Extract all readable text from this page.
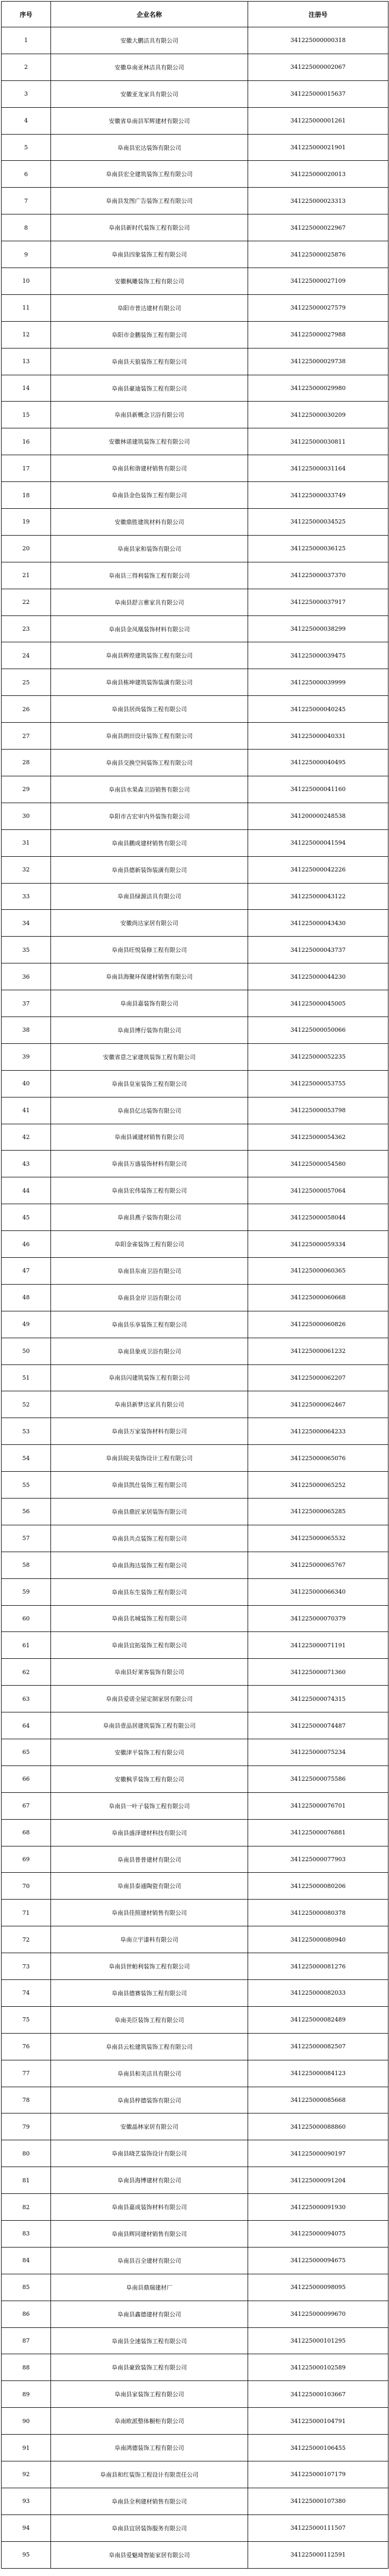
序号	企业名称	注册号
1	安徽大鹏洁具有限公司	341225000000318
2	安徽阜南亚林洁具有限公司	341225000002067
3	安徽亚龙家具有限公司	341225000015637
4	安徽省阜南县军辉建材有限公司	341225000001261
5	阜南县宏达装饰有限公司	341225000021901
6	阜南县宏全建筑装饰工程有限公司	341225000020013
7	阜南县发图广告装饰工程有限公司	341225000023313
8	阜南县新时代装饰工程有限公司	341225000022967
9	阜南县四象装饰工程有限公司	341225000025876
10	安徽枫雕装饰工程有限公司	341225000027109
11	阜阳市普达建材有限公司	341225000027579
12	阜阳市金鹏装饰工程有限公司	341225000027988
13	阜南县天狼装饰工程有限公司	341225000029738
14	阜南县豪迪装饰工程有限公司	341225000029980
15	阜南县新概念卫浴有限公司	341225000030209
16	安徽林诺建筑装饰工程有限公司	341225000030811
17	阜南县和谐建材销售有限公司	341225000031164
18	阜南县金色装饰工程有限公司	341225000033749
19	安徽鼎胜建筑材料有限公司	341225000034525
20	阜南县家和装饰有限公司	341225000036125
21	阜南县三得利装饰工程有限公司	341225000037370
22	阜南县舒言雅家具有限公司	341225000037917
23	阜南县金凤凰装饰材料有限公司	341225000038299
24	阜南县辉煌建筑装饰工程有限公司	341225000039475
25	阜南县栋坤建筑装饰装潢有限公司	341225000039999
26	阜南县居尚装饰工程有限公司	341225000040245
27	阜南县朗田设计装饰工程有限公司	341225000040331
28	阜南县交换空间装饰工程有限公司	341225000040495
29	阜南县水果森卫浴销售有限公司	341225000041160
30	阜阳市古宏审内外装饰有限公司	341200000248538
31	阜南县鹏成建材销售有限公司	341225000041594
32	阜南县德新装饰装潢有限公司	341225000042226
33	阜南县绿源洁具有限公司	341225000043122
34	安徽尚达家居有限公司	341225000043430
35	阜南县旺悦装修工程有限公司	341225000043737
36	阜南县海聚环保建材销售有限公司	341225000044230
37	阜南县嘉装饰有限公司	341225000045005
38	阜南县博行装饰有限公司	341225000050066
39	安徽省意之家建筑装饰工程有限公司	341225000052235
40	阜南县皇室装饰工程有限公司	341225000053755
41	阜南县亿达装饰有限公司	341225000053798
42	阜南县诚建材销售有限公司	341225000054362
43	阜南县万盛装饰材料有限公司	341225000054580
44	阜南县宏伟装饰工程有限公司	341225000057064
45	阜南县燕子装饰有限公司	341225000058044
46	阜阳金雀装饰工程有限公司	341225000059334
47	阜南县东南卫浴有限公司	341225000060365
48	阜南县金岸卫浴有限公司	341225000060668
49	阜南县乐享装饰工程有限公司	341225000060826
50	阜南县象成卫浴有限公司	341225000061232
51	阜南县闪建筑装饰工程有限公司	341225000062207
52	阜南县新梦达家具有限公司	341225000062467
53	阜南县万家装饰材料有限公司	341225000064233
54	阜南县皖美装饰设计工程有限公司	341225000065076
55	阜南县凯仕装饰工程有限公司	341225000065252
56	阜南县鼎匠家居装饰有限公司	341225000065285
57	阜南县共点装饰工程有限公司	341225000065532
58	阜南县海达装饰工程有限公司	341225000065767
59	阜南县东生装饰工程有限公司	341225000066340
60	阜南县名城装饰工程有限公司	341225000070379
61	阜南县宜拓装饰工程有限公司	341225000071191
62	阜南县好莱客装饰有限公司	341225000071360
63	阜南县爱诺全屋定制家居有限公司	341225000074315
64	阜南县壹品居建筑装饰工程有限公司	341225000074487
65	安徽津平装饰工程有限公司	341225000075234
66	安徽枫孚装饰工程有限公司	341225000075586
67	阜南县一叶子装饰工程有限公司	341225000076701
68	阜南县盛泽建材科技有限公司	341225000076881
69	阜南县普普建材有限公司	341225000077903
70	阜南县泰通陶瓷有限公司	341225000080206
71	阜南县佳照建材销售有限公司	341225000080378
72	阜南立宇漆料有限公司	341225000080940
73	阜南县世帕利装饰工程有限公司	341225000081276
74	阜南县德赛装饰工程有限公司	341225000082033
75	阜南美臣装饰工程有限公司	341225000082489
76	阜南县云松建筑装饰工程有限公司	341225000082507
77	阜南县和美洁具有限公司	341225000084123
78	阜南县梓德装饰有限公司	341225000085668
79	安徽晶林家居有限公司	341225000088860
80	阜南县晓艺装饰设计有限公司	341225000090197
81	阜南县海博建材有限公司	341225000091204
82	阜南县嘉成装饰材料有限公司	341225000091930
83	阜南县辉同建材销售有限公司	341225000094075
84	阜南县百全建材有限公司	341225000094675
85	阜南县鼎瑞建材厂	341225000098095
86	阜南县鑫德建材有限公司	341225000099670
87	阜南县全速装饰工程有限公司	341225000101295
88	阜南县豪致装饰工程有限公司	341225000102589
89	阜南县家装饰工程有限公司	341225000103667
90	阜南欧派整体橱柜有限公司	341225000104791
91	阜南鸿德装饰工程有限公司	341225000106455
92	阜南县和红装饰工程设计有限责任公司	341225000107179
93	阜南县全利建材销售有限公司	341225000107380
94	阜南县宜居装饰服务有限公司	341225000111507
95	阜南县爱魅琦智能家居有限公司	341225000112591
